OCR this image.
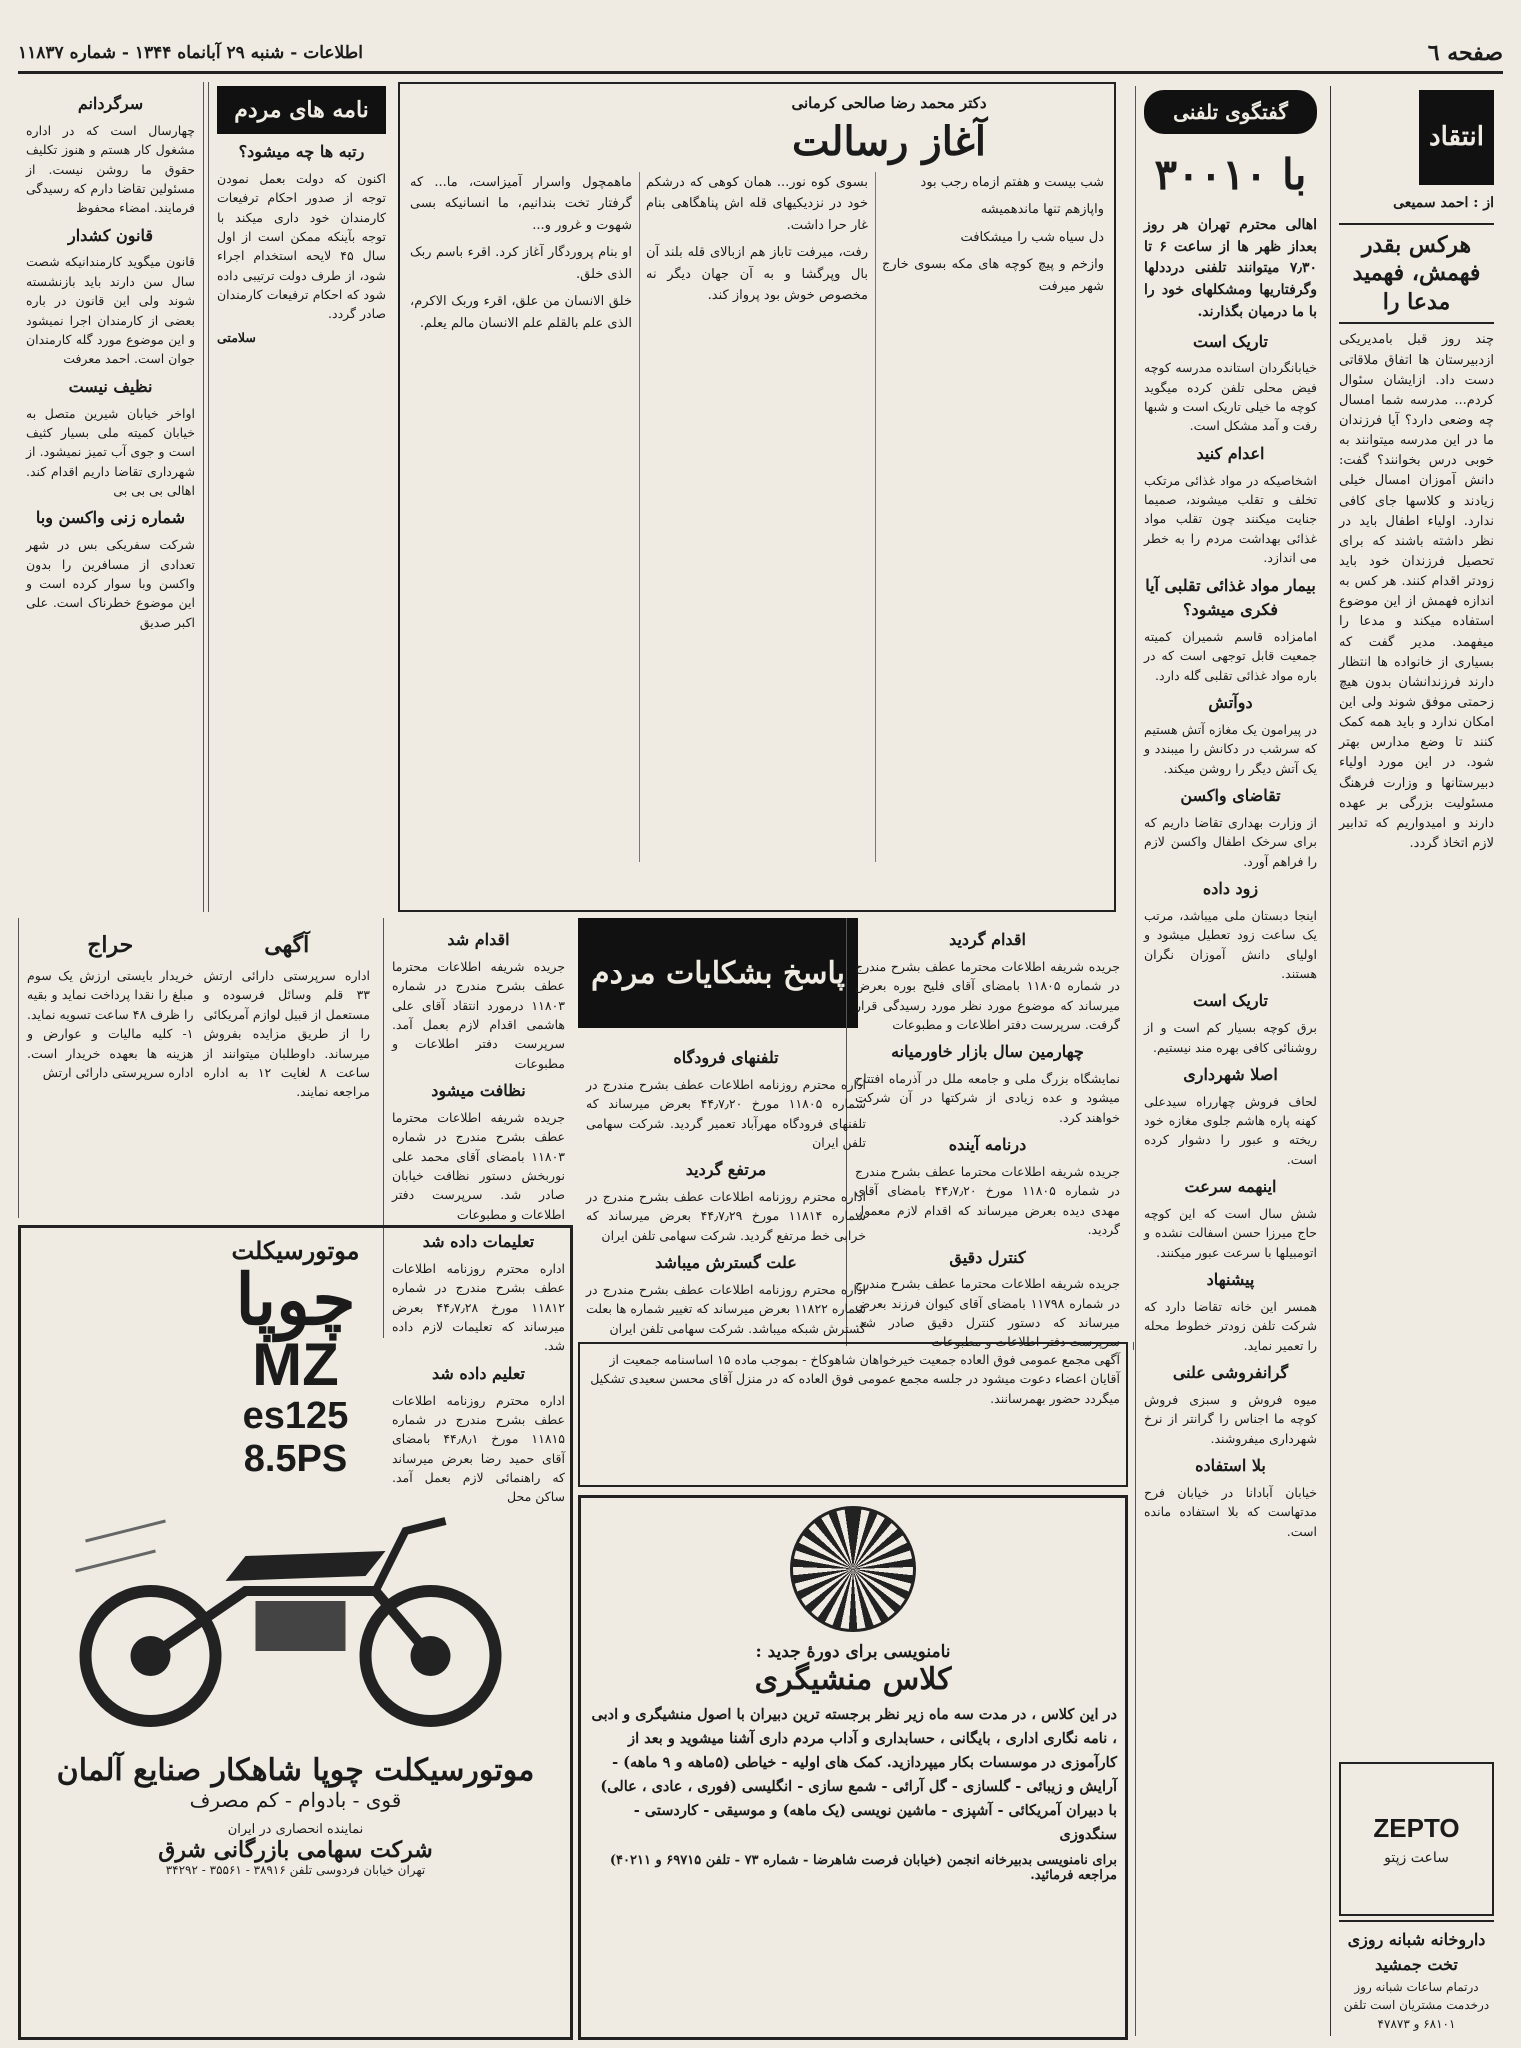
صفحه ٦
اطلاعات - شنبه ۲۹ آبانماه ۱۳۴۴ - شماره ۱۱۸۳۷
انتقاد
از : احمد سمیعی
هرکس بقدر فهمش، فهمید مدعا را

چند روز قبل بامدیریکی ازدبیرستان ها اتفاق ملاقاتی دست داد. ازایشان سئوال کردم... مدرسه شما امسال چه وضعی دارد؟ آیا فرزندان ما در این مدرسه میتوانند به خوبی درس بخوانند؟ گفت: دانش آموزان امسال خیلی زیادند و کلاسها جای کافی ندارد. اولیاء اطفال باید در نظر داشته باشند که برای تحصیل فرزندان خود باید زودتر اقدام کنند. هر کس به اندازه فهمش از این موضوع استفاده میکند و مدعا را میفهمد. مدیر گفت که بسیاری از خانواده ها انتظار دارند فرزندانشان بدون هیچ زحمتی موفق شوند ولی این امکان ندارد و باید همه کمک کنند تا وضع مدارس بهتر شود. در این مورد اولیاء دبیرستانها و وزارت فرهنگ مسئولیت بزرگی بر عهده دارند و امیدواریم که تدابیر لازم اتخاذ گردد.

ZEPTO
ساعت زپتو
داروخانه شبانه روزی تخت جمشید
درتمام ساعات شبانه روز درخدمت مشتریان است تلفن ۶۸۱۰۱ و ۴۷۸۷۳
گفتگوی تلفنی
با ۳۰۰۱۰

اهالی محترم تهران هر روز بعداز ظهر ها از ساعت ۶ تا ۷٫۳۰ میتوانند تلفنی درددلها وگرفتاریها ومشکلهای خود را با ما درمیان بگذارند.

تاریک است

خیابانگردان استانده مدرسه کوچه فیض محلی تلفن کرده میگوید کوچه ما خیلی تاریک است و شبها رفت و آمد مشکل است.

اعدام کنید

اشخاصیکه در مواد غذائی مرتکب تخلف و تقلب میشوند، صمیما جنایت میکنند چون تقلب مواد غذائی بهداشت مردم را به خطر می اندازد.

بیمار مواد غذائی تقلبی آیا فکری میشود؟

امامزاده قاسم شمیران کمیته جمعیت قابل توجهی است که در باره مواد غذائی تقلبی گله دارد.

دوآتش

در پیرامون یک مغازه آتش هستیم که سرشب در دکانش را میبندد و یک آتش دیگر را روشن میکند.

تقاضای واکسن

از وزارت بهداری تقاضا داریم که برای سرخک اطفال واکسن لازم را فراهم آورد.

زود داده

اینجا دبستان ملی میباشد، مرتب یک ساعت زود تعطیل میشود و اولیای دانش آموزان نگران هستند.

تاریک است

برق کوچه بسیار کم است و از روشنائی کافی بهره مند نیستیم.

اصلا شهرداری

لحاف فروش چهارراه سیدعلی کهنه پاره هاشم جلوی مغازه خود ریخته و عبور را دشوار کرده است.

اینهمه سرعت

شش سال است که این کوچه حاج میرزا حسن اسفالت نشده و اتومبیلها با سرعت عبور میکنند.

پیشنهاد

همسر این خانه تقاضا دارد که شرکت تلفن زودتر خطوط محله را تعمیر نماید.

گرانفروشی علنی

میوه فروش و سبزی فروش کوچه ما اجناس را گرانتر از نرخ شهرداری میفروشند.

بلا استفاده

خیابان آبادانا در خیابان فرح مدتهاست که بلا استفاده مانده است.

دکتر محمد رضا صالحی کرمانی
آغاز رسالت

شب بیست و هفتم ازماه رجب بود

واپازهم تنها ماندهمیشه

دل سیاه شب را میشکافت

وازخم و پیچ کوچه های مکه بسوی خارج شهر میرفت

بسوی کوه نور... همان کوهی که درشکم خود در نزدیکیهای قله اش پناهگاهی بنام غار حرا داشت.

رفت، میرفت تاباز هم ازبالای قله بلند آن بال وپرگشا و به آن جهان دیگر نه مخصوص خوش بود پرواز کند.

ماهمچول واسرار آمیزاست، ما... که گرفتار تخت بندانیم، ما انسانیکه بسی شهوت و غرور و...

او بنام پروردگار آغاز کرد. اقرء باسم ربک الذی خلق.

خلق الانسان من علق، اقرء وربک الاکرم، الذی علم بالقلم علم الانسان مالم یعلم.

نامه های مردم
رتبه ها چه میشود؟

اکنون که دولت بعمل نمودن توجه از صدور احکام ترفیعات کارمندان خود داری میکند با توجه بآینکه ممکن است از اول سال ۴۵ لایحه استخدام اجراء شود، از طرف دولت ترتیبی داده شود که احکام ترفیعات کارمندان صادر گردد.

سلامتی
سرگردانم

چهارسال است که در اداره مشغول کار هستم و هنوز تکلیف حقوق ما روشن نیست. از مسئولین تقاضا دارم که رسیدگی فرمایند. امضاء محفوظ

قانون کشدار

قانون میگوید کارمندانیکه شصت سال سن دارند باید بازنشسته شوند ولی این قانون در باره بعضی از کارمندان اجرا نمیشود و این موضوع مورد گله کارمندان جوان است. احمد معرفت

نظیف نیست

اواخر خیابان شیرین متصل به خیابان کمیته ملی بسیار کثیف است و جوی آب تمیز نمیشود. از شهرداری تقاضا داریم اقدام کند. اهالی بی بی بی

شماره زنی واکسن وبا

شرکت سفریکی بس در شهر تعدادی از مسافرین را بدون واکسن وبا سوار کرده است و این موضوع خطرناک است. علی اکبر صدیق

پاسخ بشکایات مردم
اقدام گردید

جریده شریفه اطلاعات محترما عطف بشرح مندرج در شماره ۱۱۸۰۵ بامضای آقای فلیح بوره بعرض میرساند که موضوع مورد نظر مورد رسیدگی قرار گرفت. سرپرست دفتر اطلاعات و مطبوعات

چهارمین سال بازار خاورمیانه

نمایشگاه بزرگ ملی و جامعه ملل در آذرماه افتتاح میشود و عده زیادی از شرکتها در آن شرکت خواهند کرد.

درنامه آینده

جریده شریفه اطلاعات محترما عطف بشرح مندرج در شماره ۱۱۸۰۵ مورخ ۴۴٫۷٫۲۰ بامضای آقای مهدی دیده بعرض میرساند که اقدام لازم معمول گردید.

کنترل دقیق

جریده شریفه اطلاعات محترما عطف بشرح مندرج در شماره ۱۱۷۹۸ بامضای آقای کیوان فرزند بعرض میرساند که دستور کنترل دقیق صادر شد. سرپرست دفتر اطلاعات و مطبوعات

تلفنهای فرودگاه

اداره محترم روزنامه اطلاعات عطف بشرح مندرج در شماره ۱۱۸۰۵ مورخ ۴۴٫۷٫۲۰ بعرض میرساند که تلفنهای فرودگاه مهرآباد تعمیر گردید. شرکت سهامی تلفن ایران

مرتفع گردید

اداره محترم روزنامه اطلاعات عطف بشرح مندرج در شماره ۱۱۸۱۴ مورخ ۴۴٫۷٫۲۹ بعرض میرساند که خرابی خط مرتفع گردید. شرکت سهامی تلفن ایران

علت گسترش میباشد

اداره محترم روزنامه اطلاعات عطف بشرح مندرج در شماره ۱۱۸۲۲ بعرض میرساند که تغییر شماره ها بعلت گسترش شبکه میباشد. شرکت سهامی تلفن ایران

اقدام شد

جریده شریفه اطلاعات محترما عطف بشرح مندرج در شماره ۱۱۸۰۳ درمورد انتقاد آقای علی هاشمی اقدام لازم بعمل آمد. سرپرست دفتر اطلاعات و مطبوعات

نظافت میشود

جریده شریفه اطلاعات محترما عطف بشرح مندرج در شماره ۱۱۸۰۳ بامضای آقای محمد علی نوربخش دستور نظافت خیابان صادر شد. سرپرست دفتر اطلاعات و مطبوعات

تعلیمات داده شد

اداره محترم روزنامه اطلاعات عطف بشرح مندرج در شماره ۱۱۸۱۲ مورخ ۴۴٫۷٫۲۸ بعرض میرساند که تعلیمات لازم داده شد.

تعلیم داده شد

اداره محترم روزنامه اطلاعات عطف بشرح مندرج در شماره ۱۱۸۱۵ مورخ ۴۴٫۸٫۱ بامضای آقای حمید رضا بعرض میرساند که راهنمائی لازم بعمل آمد. ساکن محل

آگهی

اداره سرپرستی دارائی ارتش ۳۳ قلم وسائل فرسوده و مستعمل از قبیل لوازم آمریکائی را از طریق مزایده بفروش میرساند. داوطلبان میتوانند از ساعت ۸ لغایت ۱۲ به اداره مراجعه نمایند.

حراج

خریدار بایستی ارزش یک سوم مبلغ را نقدا پرداخت نماید و بقیه را ظرف ۴۸ ساعت تسویه نماید. ۱- کلیه مالیات و عوارض و هزینه ها بعهده خریدار است. اداره سرپرستی دارائی ارتش

آگهی مجمع عمومی فوق العاده جمعیت خیرخواهان شاهوکاخ - بموجب ماده ۱۵ اساسنامه جمعیت از آقایان اعضاء دعوت میشود در جلسه مجمع عمومی فوق العاده که در منزل آقای محسن سعیدی تشکیل میگردد حضور بهمرسانند.
نامنویسی برای دورهٔ جدید :
کلاس منشیگری

در این کلاس ، در مدت سه ماه زیر نظر برجسته ترین دبیران با اصول منشیگری و ادبی ، نامه نگاری اداری ، بایگانی ، حسابداری و آداب مردم داری آشنا میشوید و بعد از کارآموزی در موسسات بکار میپردازید. کمک های اولیه - خیاطی (۵ماهه و ۹ ماهه) - آرایش و زیبائی - گلسازی - گل آرائی - شمع سازی - انگلیسی (فوری ، عادی ، عالی) با دبیران آمریکائی - آشپزی - ماشین نویسی (یک ماهه) و موسیقی - کاردستی - سنگدوزی

برای نامنویسی بدبیرخانه انجمن (خیابان فرصت شاهرضا - شماره ۷۳ - تلفن ۶۹۷۱۵ و ۴۰۲۱۱) مراجعه فرمائید.

موتورسیکلت
چوپا
MZ
es125
8.5PS
موتورسیکلت چوپا شاهکار صنایع آلمان
قوی - بادوام - کم مصرف
نماینده انحصاری در ایران
شرکت سهامی بازرگانی شرق
تهران خیابان فردوسی تلفن ۳۸۹۱۶ - ۳۵۵۶۱ - ۳۴۲۹۲
